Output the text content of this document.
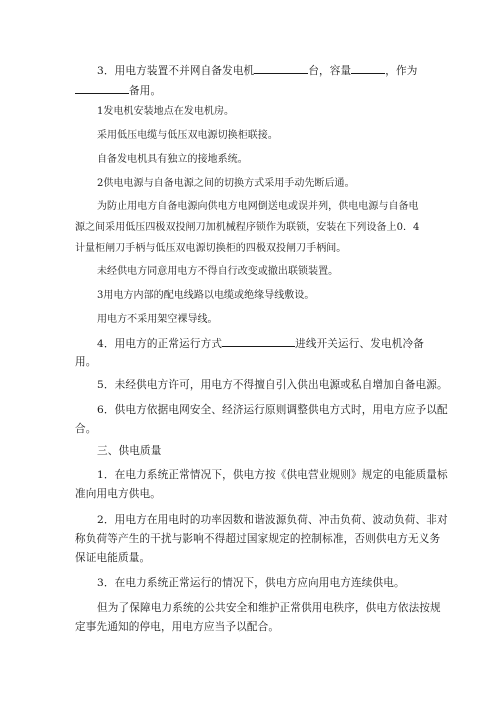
3．用电方装置不并网自备发电机	台，容量	，作为
备用。
1发电机安装地点在发电机房。
采用低压电缆与低压双电源切换柜联接。
自备发电机具有独立的接地系统。
2供电电源与自备电源之间的切换方式采用手动先断后通。
为防止用电方自备电源向供电方电网倒送电或误并列，供电电源与自备电
源之间采用低压四极双投闸刀加机械程序锁作为联锁，安装在下列设备上0．4
计量柜闸刀手柄与低压双电源切换柜的四极双投闸刀手柄间。
未经供电方同意用电方不得自行改变或撤出联锁装置。
3用电方内部的配电线路以电缆或绝缘导线敷设。
用电方不采用架空裸导线。
4．用电方的正常运行方式	进线开关运行、发电机冷备
用。
5．未经供电方许可，用电方不得擅自引入供出电源或私自增加自备电源。
6．供电方依据电网安全、经济运行原则调整供电方式时，用电方应予以配
合。
三、供电质量
1．在电力系统正常情况下，供电方按《供电营业规则》规定的电能质量标
准向用电方供电。
2．用电方在用电时的功率因数和谐波源负荷、冲击负荷、波动负荷、非对
称负荷等产生的干扰与影响不得超过国家规定的控制标准，否则供电方无义务
保证电能质量。
3．在电力系统正常运行的情况下，供电方应向用电方连续供电。
但为了保障电力系统的公共安全和维护正常供用电秩序，供电方依法按规
定事先通知的停电，用电方应当予以配合。
